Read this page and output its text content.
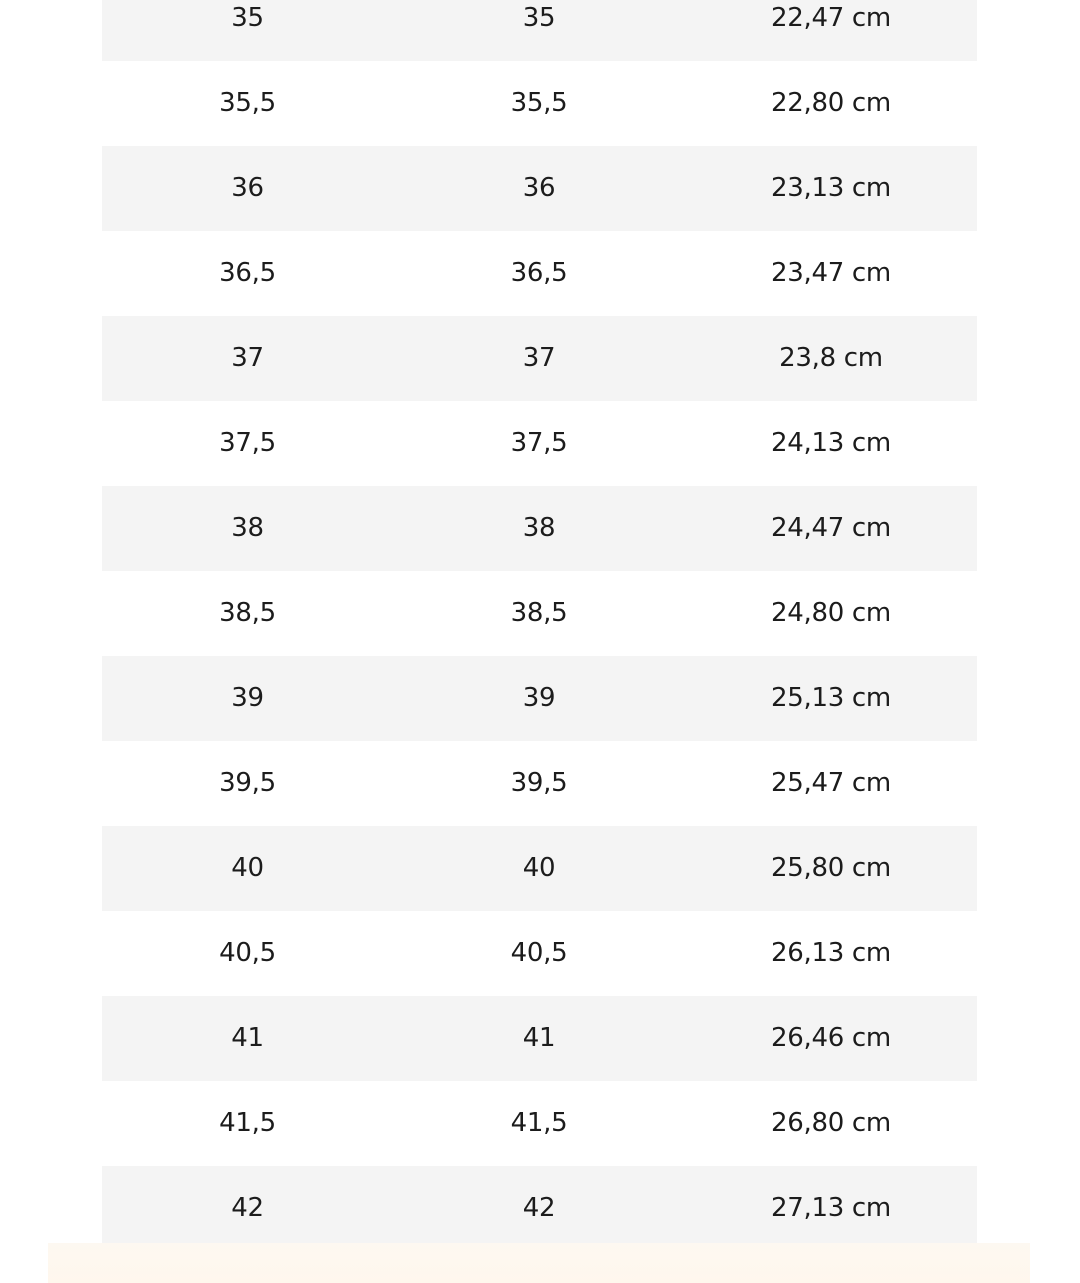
35	35	22,47 cm
35,5	35,5	22,80 cm
36	36	23,13 cm
36,5	36,5	23,47 cm
37	37	23,8 cm
37,5	37,5	24,13 cm
38	38	24,47 cm
38,5	38,5	24,80 cm
39	39	25,13 cm
39,5	39,5	25,47 cm
40	40	25,80 cm
40,5	40,5	26,13 cm
41	41	26,46 cm
41,5	41,5	26,80 cm
42	42	27,13 cm
